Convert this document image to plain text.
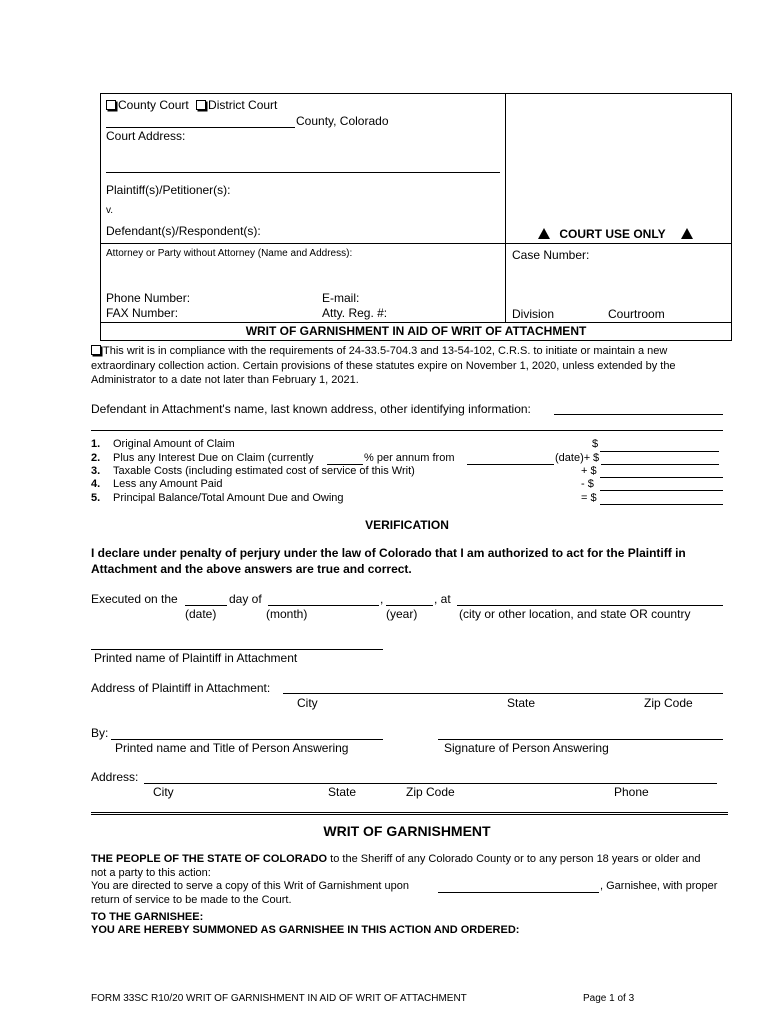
County Court District Court
County, Colorado
Court Address:
Plaintiff(s)/Petitioner(s):
v.
Defendant(s)/Respondent(s):	COURT USE ONLY
Attorney or Party without Attorney (Name and Address):	Case Number:
Phone Number:	E-mail:
FAX Number:	Atty. Reg. #:	Division	Courtroom
WRIT OF GARNISHMENT IN AID OF WRIT OF ATTACHMENT
This writ is in compliance with the requirements of 24-33.5-704.3 and 13-54-102, C.R.S. to initiate or maintain a new
extraordinary collection action. Certain provisions of these statutes expire on November 1, 2020, unless extended by the
Administrator to a date not later than February 1, 2021.
Defendant in Attachment's name, last known address, other identifying information:
1. Original Amount of Claim	$
2. Plus any Interest Due on Claim (currently	% per annum from	(date)+ $
3. Taxable Costs (including estimated cost of service of this Writ)	+ $
4. Less any Amount Paid	- $
5. Principal Balance/Total Amount Due and Owing	= $
VERIFICATION
I declare under penalty of perjury under the law of Colorado that I am authorized to act for the Plaintiff in
Attachment and the above answers are true and correct.
Executed on the	day of	,	, at
(date)	(month)	(year)	(city or other location, and state OR country
Printed name of Plaintiff in Attachment
Address of Plaintiff in Attachment:
City	State	Zip Code
By:
Printed name and Title of Person Answering	Signature of Person Answering
Address:
City	State	Zip Code	Phone
WRIT OF GARNISHMENT
THE PEOPLE OF THE STATE OF COLORADO to the Sheriff of any Colorado County or to any person 18 years or older and
not a party to this action:
You are directed to serve a copy of this Writ of Garnishment upon	, Garnishee, with proper
return of service to be made to the Court.
TO THE GARNISHEE:
YOU ARE HEREBY SUMMONED AS GARNISHEE IN THIS ACTION AND ORDERED:
FORM 33SC R10/20 WRIT OF GARNISHMENT IN AID OF WRIT OF ATTACHMENT	Page 1 of 3
